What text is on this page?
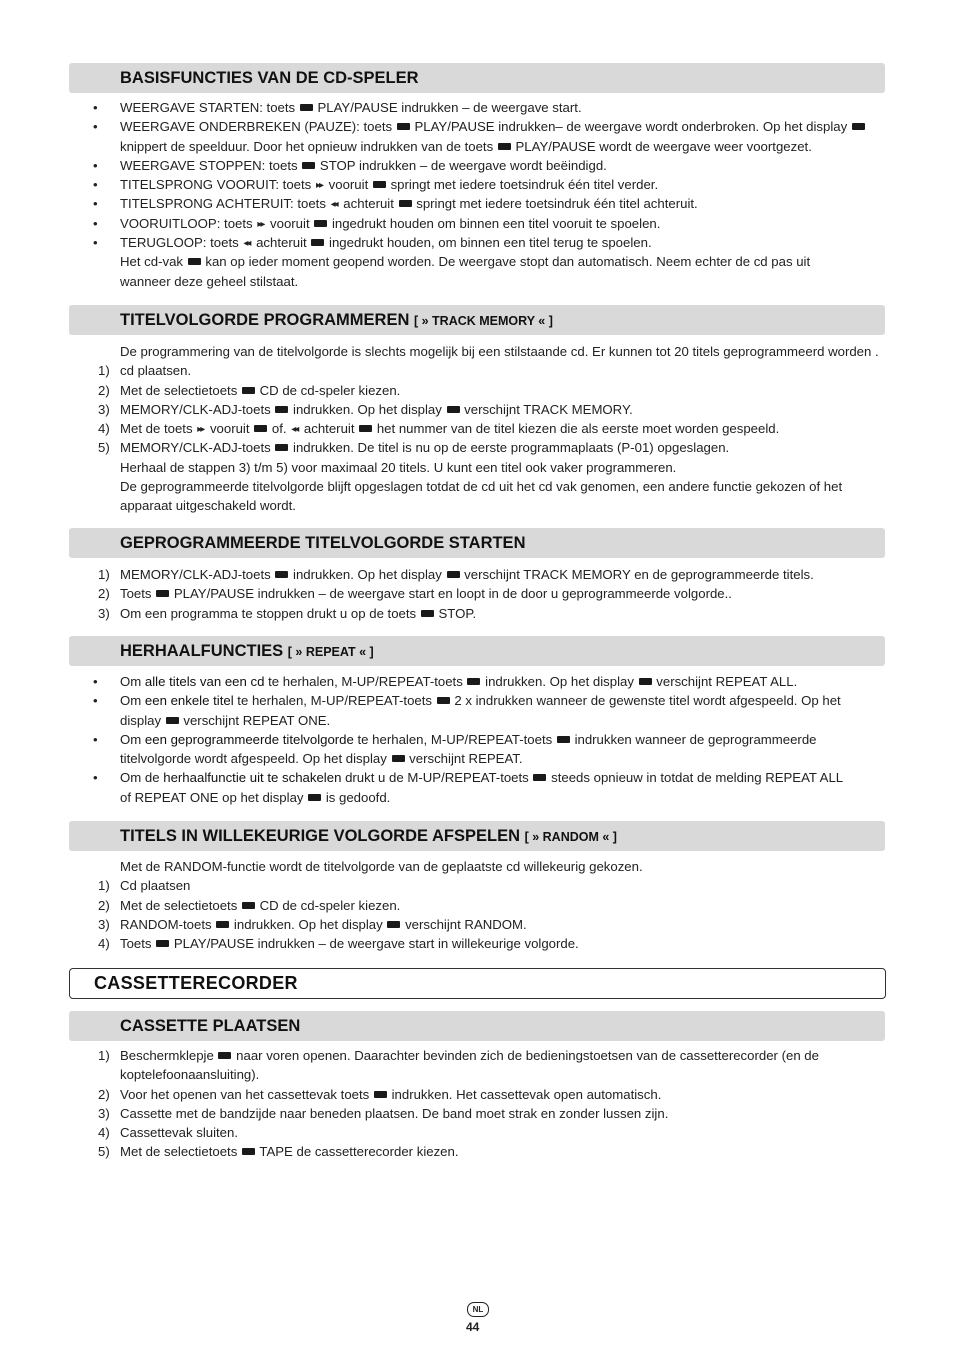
BASISFUNCTIES VAN DE CD-SPELER
• WEERGAVE STARTEN: toets  PLAY/PAUSE indrukken – de weergave start.
• WEERGAVE ONDERBREKEN (PAUZE): toets  PLAY/PAUSE indrukken– de weergave wordt onderbroken. Op het display
knippert de speelduur. Door het opnieuw indrukken van de toets  PLAY/PAUSE wordt de weergave weer voortgezet.
• WEERGAVE STOPPEN: toets  STOP indrukken – de weergave wordt beëindigd.
• TITELSPRONG VOORUIT: toets ▸▸ vooruit  springt met iedere toetsindruk één titel verder.
• TITELSPRONG ACHTERUIT: toets ◂◂ achteruit  springt met iedere toetsindruk één titel achteruit.
• VOORUITLOOP: toets ▸▸ vooruit  ingedrukt houden om binnen een titel vooruit te spoelen.
• TERUGLOOP: toets ◂◂ achteruit  ingedrukt houden, om binnen een titel terug te spoelen.
Het cd-vak  kan op ieder moment geopend worden. De weergave stopt dan automatisch. Neem echter de cd pas uit
wanneer deze geheel stilstaat.
TITELVOLGORDE PROGRAMMEREN [ » TRACK MEMORY « ]
De programmering van de titelvolgorde is slechts mogelijk bij een stilstaande cd. Er kunnen tot 20 titels geprogrammeerd worden .
1) cd plaatsen.
2) Met de selectietoets  CD de cd-speler kiezen.
3) MEMORY/CLK-ADJ-toets  indrukken. Op het display  verschijnt TRACK MEMORY.
4) Met de toets ▸▸ vooruit  of. ◂◂ achteruit  het nummer van de titel kiezen die als eerste moet worden gespeeld.
5) MEMORY/CLK-ADJ-toets  indrukken. De titel is nu op de eerste programmaplaats (P-01) opgeslagen.
Herhaal de stappen 3) t/m 5) voor maximaal 20 titels. U kunt een titel ook vaker programmeren.
De geprogrammeerde titelvolgorde blijft opgeslagen totdat de cd uit het cd vak genomen, een andere functie gekozen of het
apparaat uitgeschakeld wordt.
GEPROGRAMMEERDE TITELVOLGORDE STARTEN
1) MEMORY/CLK-ADJ-toets  indrukken. Op het display  verschijnt TRACK MEMORY en de geprogrammeerde titels.
2) Toets  PLAY/PAUSE indrukken – de weergave start en loopt in de door u geprogrammeerde volgorde..
3) Om een programma te stoppen drukt u op de toets  STOP.
HERHAALFUNCTIES [ » REPEAT « ]
• Om alle titels van een cd te herhalen, M-UP/REPEAT-toets  indrukken. Op het display  verschijnt REPEAT ALL.
• Om een enkele titel te herhalen, M-UP/REPEAT-toets  2 x indrukken wanneer de gewenste titel wordt afgespeeld. Op het
display  verschijnt REPEAT ONE.
• Om een geprogrammeerde titelvolgorde te herhalen, M-UP/REPEAT-toets  indrukken wanneer de geprogrammeerde
titelvolgorde wordt afgespeeld. Op het display  verschijnt REPEAT.
• Om de herhaalfunctie uit te schakelen drukt u de M-UP/REPEAT-toets  steeds opnieuw in totdat de melding REPEAT ALL
of REPEAT ONE op het display  is gedoofd.
TITELS IN WILLEKEURIGE VOLGORDE AFSPELEN [ » RANDOM « ]
Met de RANDOM-functie wordt de titelvolgorde van de geplaatste cd willekeurig gekozen.
1) Cd plaatsen
2) Met de selectietoets  CD de cd-speler kiezen.
3) RANDOM-toets  indrukken. Op het display  verschijnt RANDOM.
4) Toets  PLAY/PAUSE indrukken – de weergave start in willekeurige volgorde.
CASSETTERECORDER
CASSETTE PLAATSEN
1) Beschermklepje  naar voren openen. Daarachter bevinden zich de bedieningstoetsen van de cassetterecorder (en de
koptelefoonaansluiting).
2) Voor het openen van het cassettevak toets  indrukken. Het cassettevak open automatisch.
3) Cassette met de bandzijde naar beneden plaatsen. De band moet strak en zonder lussen zijn.
4) Cassettevak sluiten.
5) Met de selectietoets  TAPE de cassetterecorder kiezen.
NL
44
